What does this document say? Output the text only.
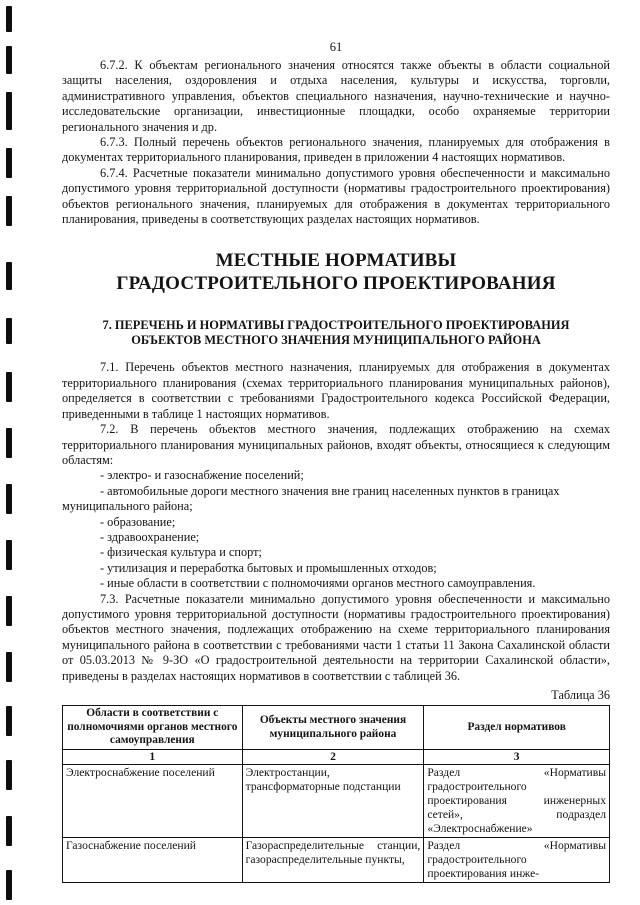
61

6.7.2. К объектам регионального значения относятся также объекты в области социальной защиты населения, оздоровления и отдыха населения, культуры и искусства, торговли, административного управления, объектов специального назначения, научно-технические и научно-исследовательские организации, инвестиционные площадки, особо охраняемые территории регионального значения и др.

6.7.3. Полный перечень объектов регионального значения, планируемых для отображения в документах территориального планирования, приведен в приложении 4 настоящих нормативов.

6.7.4. Расчетные показатели минимально допустимого уровня обеспеченности и максимально допустимого уровня территориальной доступности (нормативы градостроительного проектирования) объектов регионального значения, планируемых для отображения в документах территориального планирования, приведены в соответствующих разделах настоящих нормативов.

МЕСТНЫЕ НОРМАТИВЫ
ГРАДОСТРОИТЕЛЬНОГО ПРОЕКТИРОВАНИЯ
7. ПЕРЕЧЕНЬ И НОРМАТИВЫ ГРАДОСТРОИТЕЛЬНОГО ПРОЕКТИРОВАНИЯ
ОБЪЕКТОВ МЕСТНОГО ЗНАЧЕНИЯ МУНИЦИПАЛЬНОГО РАЙОНА

7.1. Перечень объектов местного назначения, планируемых для отображения в документах территориального планирования (схемах территориального планирования муниципальных районов), определяется в соответствии с требованиями Градостроительного кодекса Российской Федерации, приведенными в таблице 1 настоящих нормативов.

7.2. В перечень объектов местного значения, подлежащих отображению на схемах территориального планирования муниципальных районов, входят объекты, относящиеся к следующим областям:

- электро- и газоснабжение поселений;

- автомобильные дороги местного значения вне границ населенных пунктов в границах

муниципального района;

- образование;

- здравоохранение;

- физическая культура и спорт;

- утилизация и переработка бытовых и промышленных отходов;

- иные области в соответствии с полномочиями органов местного самоуправления.

7.3. Расчетные показатели минимально допустимого уровня обеспеченности и максимально допустимого уровня территориальной доступности (нормативы градостроительного проектирования) объектов местного значения, подлежащих отображению на схеме территориального планирования муниципального района в соответствии с требованиями части 1 статьи 11 Закона Сахалинской области от 05.03.2013 № 9-ЗО «О градостроительной деятельности на территории Сахалинской области», приведены в разделах настоящих нормативов в соответствии с таблицей 36.

Таблица 36
Области в соответствии с полномочиями органов местного самоуправления	Объекты местного значения муниципального района	Раздел нормативов
1	2	3
Электроснабжение поселений	Электростанции, трансформаторные подстанции	Раздел «Нормативы градостроительного проектирования инженерных сетей», подраздел «Электроснабжение»
Газоснабжение поселений	Газораспределительные станции, газораспределительные пункты,	Раздел «Нормативы градостроительного проектирования инже-
